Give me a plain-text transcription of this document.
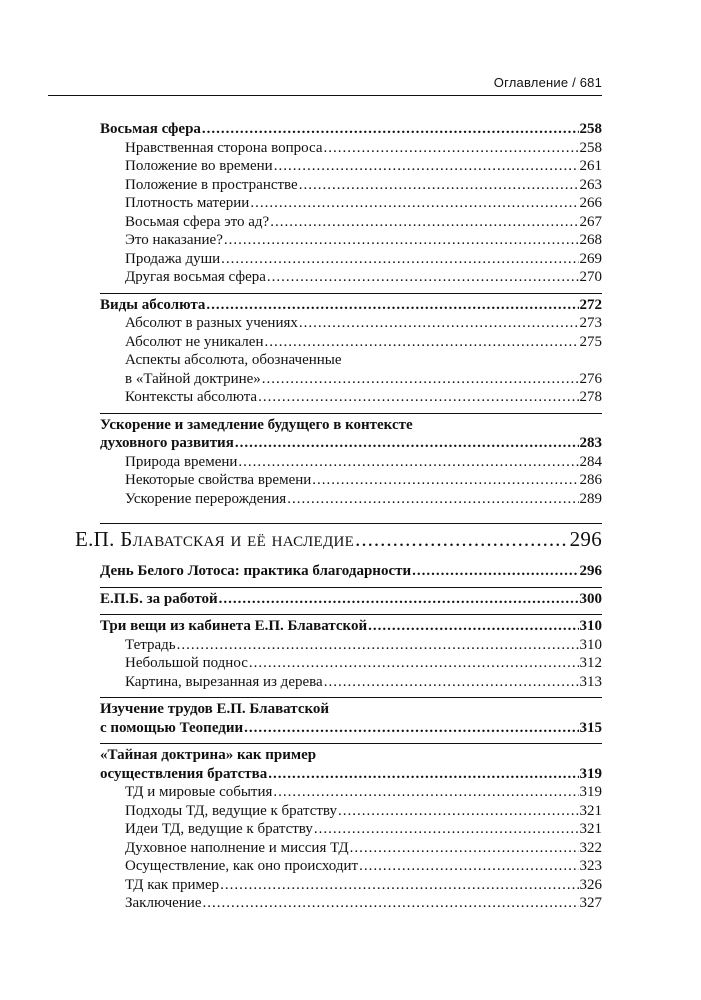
Оглавление / 681
Восьмая сфера .....	258
Нравственная сторона вопроса .....	258
Положение во времени .....	261
Положение в пространстве .....	263
Плотность материи .....	266
Восьмая сфера это ад? .....	267
Это наказание? .....	268
Продажа души .....	269
Другая восьмая сфера .....	270
Виды абсолюта .....	272
Абсолют в разных учениях .....	273
Абсолют не уникален .....	275
Аспекты абсолюта, обозначенные
в «Тайной доктрине» .....	276
Контексты абсолюта .....	278
Ускорение и замедление будущего в контексте
духовного развития .....	283
Природа времени .....	284
Некоторые свойства времени .....	286
Ускорение перерождения .....	289
Е.П. Блаватская и её наследие .....	296
День Белого Лотоса: практика благодарности .....	296
Е.П.Б. за работой .....	300
Три вещи из кабинета Е.П. Блаватской .....	310
Тетрадь .....	310
Небольшой поднос .....	312
Картина, вырезанная из дерева .....	313
Изучение трудов Е.П. Блаватской
с помощью Теопедии .....	315
«Тайная доктрина» как пример
осуществления братства .....	319
ТД и мировые события .....	319
Подходы ТД, ведущие к братству .....	321
Идеи ТД, ведущие к братству .....	321
Духовное наполнение и миссия ТД .....	322
Осуществление, как оно происходит .....	323
ТД как пример .....	326
Заключение .....	327
